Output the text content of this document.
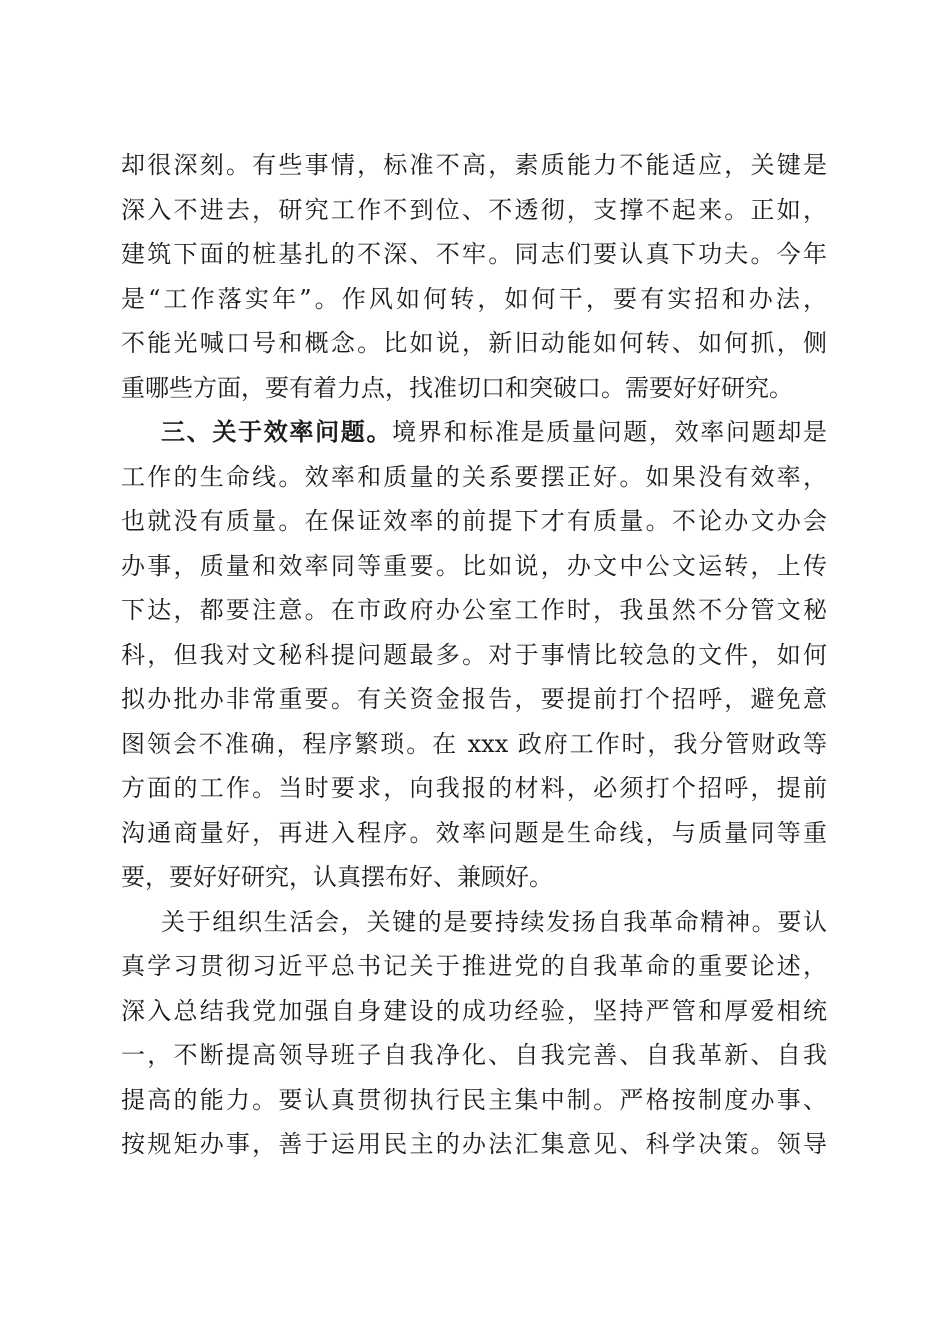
却很深刻。有些事情，标准不高，素质能力不能适应，关键是
深入不进去，研究工作不到位、不透彻，支撑不起来。正如，
建筑下面的桩基扎的不深、不牢。同志们要认真下功夫。今年
是“工作落实年”。作风如何转，如何干，要有实招和办法，
不能光喊口号和概念。比如说，新旧动能如何转、如何抓，侧
重哪些方面，要有着力点，找准切口和突破口。需要好好研究。
三、关于效率问题。境界和标准是质量问题，效率问题却是
工作的生命线。效率和质量的关系要摆正好。如果没有效率，
也就没有质量。在保证效率的前提下才有质量。不论办文办会
办事，质量和效率同等重要。比如说，办文中公文运转，上传
下达，都要注意。在市政府办公室工作时，我虽然不分管文秘
科，但我对文秘科提问题最多。对于事情比较急的文件，如何
拟办批办非常重要。有关资金报告，要提前打个招呼，避免意
图领会不准确，程序繁琐。在 xxx 政府工作时，我分管财政等
方面的工作。当时要求，向我报的材料，必须打个招呼，提前
沟通商量好，再进入程序。效率问题是生命线，与质量同等重
要，要好好研究，认真摆布好、兼顾好。
关于组织生活会，关键的是要持续发扬自我革命精神。要认
真学习贯彻习近平总书记关于推进党的自我革命的重要论述，
深入总结我党加强自身建设的成功经验，坚持严管和厚爱相统
一，不断提高领导班子自我净化、自我完善、自我革新、自我
提高的能力。要认真贯彻执行民主集中制。严格按制度办事、
按规矩办事，善于运用民主的办法汇集意见、科学决策。领导
